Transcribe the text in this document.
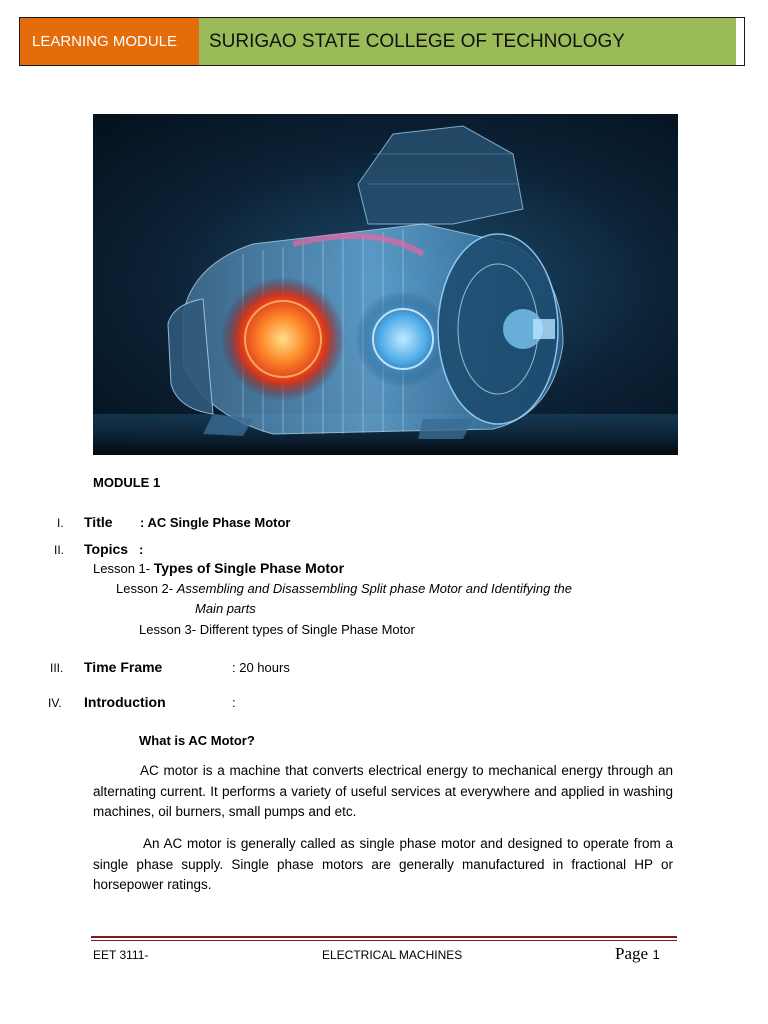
LEARNING MODULE	SURIGAO STATE COLLEGE OF TECHNOLOGY
MODULE 1
I. Title : AC Single Phase Motor
II. Topics :
Lesson 1- Types of Single Phase Motor
Lesson 2- Assembling and Disassembling Split phase Motor and Identifying the
Main parts
Lesson 3- Different types of Single Phase Motor
III. Time Frame	: 20 hours
IV. Introduction	:
What is AC Motor?
AC motor is a machine that converts electrical energy to mechanical energy through an alternating current. It performs a variety of useful services at everywhere and applied in washing machines, oil burners, small pumps and etc.
An AC motor is generally called as single phase motor and designed to operate from a single phase supply. Single phase motors are generally manufactured in fractional HP or horsepower ratings.
EET 3111-	ELECTRICAL MACHINES	Page 1
